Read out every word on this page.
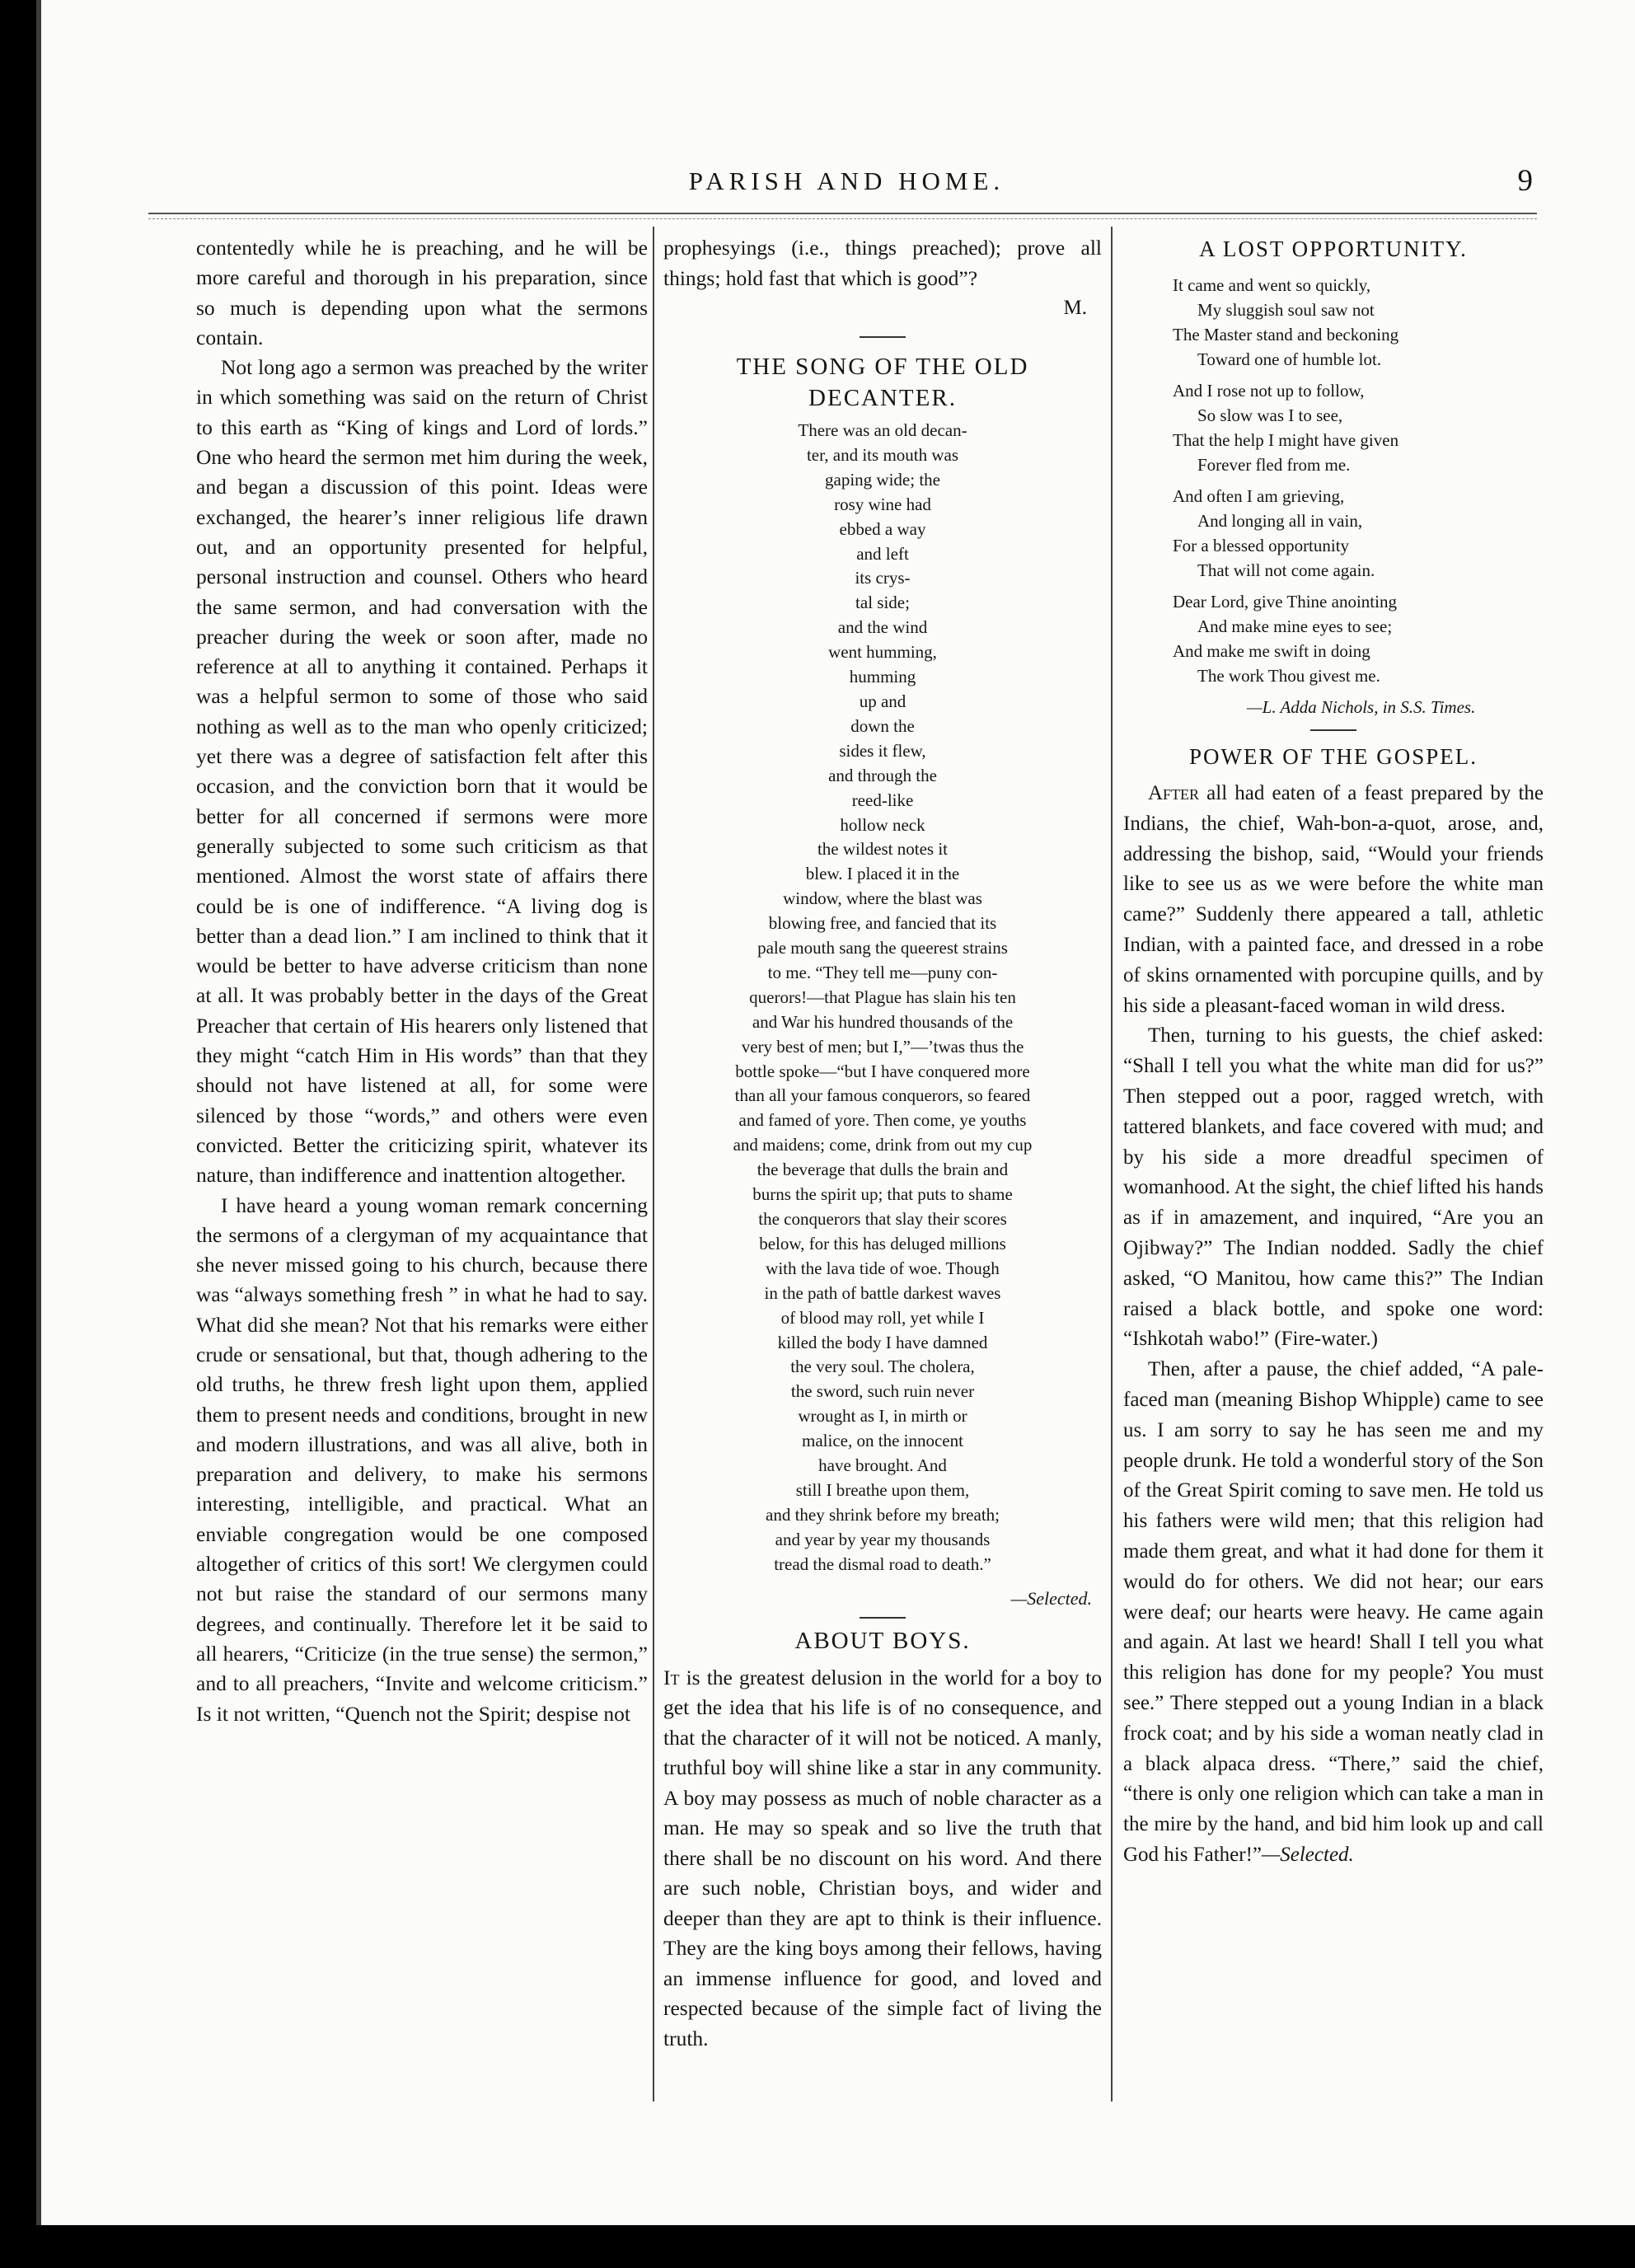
PARISH AND HOME.	9

contentedly while he is preaching, and he will be more careful and thorough in his preparation, since so much is depending upon what the sermons contain.

Not long ago a sermon was preached by the writer in which something was said on the return of Christ to this earth as “King of kings and Lord of lords.” One who heard the sermon met him during the week, and began a discussion of this point. Ideas were exchanged, the hearer’s inner religious life drawn out, and an opportunity presented for helpful, personal instruction and counsel. Others who heard the same sermon, and had conversation with the preacher during the week or soon after, made no reference at all to anything it contained. Perhaps it was a helpful sermon to some of those who said nothing as well as to the man who openly criticized; yet there was a degree of satisfaction felt after this occasion, and the conviction born that it would be better for all concerned if sermons were more generally subjected to some such criticism as that mentioned. Almost the worst state of affairs there could be is one of indifference. “A living dog is better than a dead lion.” I am inclined to think that it would be better to have adverse criticism than none at all. It was probably better in the days of the Great Preacher that certain of His hearers only listened that they might “catch Him in His words” than that they should not have listened at all, for some were silenced by those “words,” and others were even convicted. Better the criticizing spirit, whatever its nature, than indifference and inattention altogether.

I have heard a young woman remark concerning the sermons of a clergyman of my acquaintance that she never missed going to his church, because there was “always something fresh ” in what he had to say. What did she mean? Not that his remarks were either crude or sensational, but that, though adhering to the old truths, he threw fresh light upon them, applied them to present needs and conditions, brought in new and modern illustrations, and was all alive, both in preparation and delivery, to make his sermons interesting, intelligible, and practical. What an enviable congregation would be one composed altogether of critics of this sort! We clergymen could not but raise the standard of our sermons many degrees, and continually. Therefore let it be said to all hearers, “Criticize (in the true sense) the sermon,” and to all preachers, “Invite and welcome criticism.” Is it not written, “Quench not the Spirit; despise not

prophesyings (i.e., things preached); prove all things; hold fast that which is good”?

M.
THE SONG OF THE OLD
DECANTER.
There was an old decan-
ter, and its mouth was
gaping wide; the
rosy wine had
ebbed a way
and left
its crys-
tal side;
and the wind
went humming,
humming
up and
down the
sides it flew,
and through the
reed-like
hollow neck
the wildest notes it
blew. I placed it in the
window, where the blast was
blowing free, and fancied that its
pale mouth sang the queerest strains
to me. “They tell me—puny con-
querors!—that Plague has slain his ten
and War his hundred thousands of the
very best of men; but I,”—’twas thus the
bottle spoke—“but I have conquered more
than all your famous conquerors, so feared
and famed of yore. Then come, ye youths
and maidens; come, drink from out my cup
the beverage that dulls the brain and
burns the spirit up; that puts to shame
the conquerors that slay their scores
below, for this has deluged millions
with the lava tide of woe. Though
in the path of battle darkest waves
of blood may roll, yet while I
killed the body I have damned
the very soul. The cholera,
the sword, such ruin never
wrought as I, in mirth or
malice, on the innocent
have brought. And
still I breathe upon them,
and they shrink before my breath;
and year by year my thousands
tread the dismal road to death.”
—Selected.
ABOUT BOYS.

It is the greatest delusion in the world for a boy to get the idea that his life is of no consequence, and that the character of it will not be noticed. A manly, truthful boy will shine like a star in any community. A boy may possess as much of noble character as a man. He may so speak and so live the truth that there shall be no discount on his word. And there are such noble, Christian boys, and wider and deeper than they are apt to think is their influence. They are the king boys among their fellows, having an immense influence for good, and loved and respected because of the simple fact of living the truth.

A LOST OPPORTUNITY.
It came and went so quickly,
My sluggish soul saw not
The Master stand and beckoning
Toward one of humble lot.
And I rose not up to follow,
So slow was I to see,
That the help I might have given
Forever fled from me.
And often I am grieving,
And longing all in vain,
For a blessed opportunity
That will not come again.
Dear Lord, give Thine anointing
And make mine eyes to see;
And make me swift in doing
The work Thou givest me.
—L. Adda Nichols, in S.S. Times.
POWER OF THE GOSPEL.

After all had eaten of a feast prepared by the Indians, the chief, Wah-bon-a-quot, arose, and, addressing the bishop, said, “Would your friends like to see us as we were before the white man came?” Suddenly there appeared a tall, athletic Indian, with a painted face, and dressed in a robe of skins ornamented with porcupine quills, and by his side a pleasant-faced woman in wild dress.

Then, turning to his guests, the chief asked: “Shall I tell you what the white man did for us?” Then stepped out a poor, ragged wretch, with tattered blankets, and face covered with mud; and by his side a more dreadful specimen of womanhood. At the sight, the chief lifted his hands as if in amazement, and inquired, “Are you an Ojibway?” The Indian nodded. Sadly the chief asked, “O Manitou, how came this?” The Indian raised a black bottle, and spoke one word: “Ishkotah wabo!” (Fire-water.)

Then, after a pause, the chief added, “A pale-faced man (meaning Bishop Whipple) came to see us. I am sorry to say he has seen me and my people drunk. He told a wonderful story of the Son of the Great Spirit coming to save men. He told us his fathers were wild men; that this religion had made them great, and what it had done for them it would do for others. We did not hear; our ears were deaf; our hearts were heavy. He came again and again. At last we heard! Shall I tell you what this religion has done for my people? You must see.” There stepped out a young Indian in a black frock coat; and by his side a woman neatly clad in a black alpaca dress. “There,” said the chief, “there is only one religion which can take a man in the mire by the hand, and bid him look up and call God his Father!”—Selected.
